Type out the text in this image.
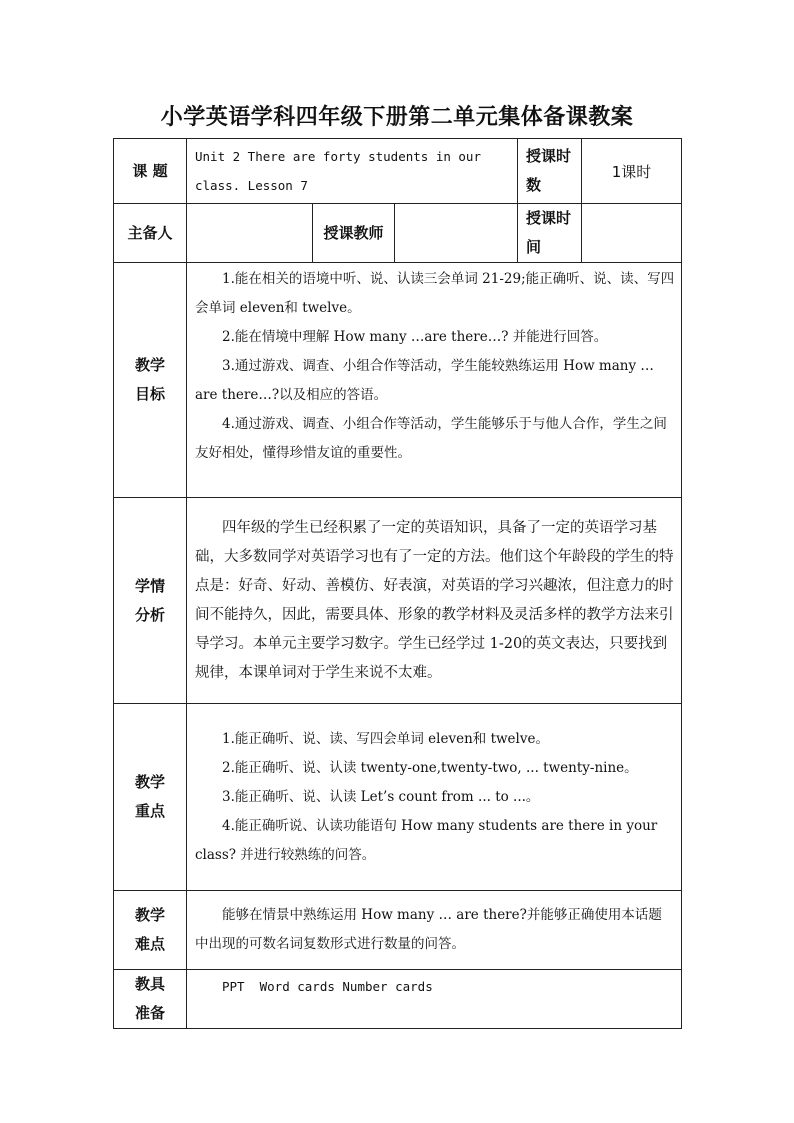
小学英语学科四年级下册第二单元集体备课教案
课 题	Unit 2 There are forty students in our class. Lesson 7			授课时数	1课时
主备人		授课教师		授课时间	
教学目标	1.能在相关的语境中听、说、认读三会单词 21-29;能正确听、说、读、写四会单词 eleven和 twelve。

2.能在情境中理解 How many …are there…? 并能进行回答。

3.通过游戏、调查、小组合作等活动，学生能较熟练运用 How many …are there…?以及相应的答语。

4.通过游戏、调查、小组合作等活动，学生能够乐于与他人合作，学生之间友好相处，懂得珍惜友谊的重要性。				

学情分析	四年级的学生已经积累了一定的英语知识，具备了一定的英语学习基础，大多数同学对英语学习也有了一定的方法。他们这个年龄段的学生的特点是：好奇、好动、善模仿、好表演，对英语的学习兴趣浓，但注意力的时间不能持久，因此，需要具体、形象的教学材料及灵活多样的教学方法来引导学习。本单元主要学习数字。学生已经学过 1-20的英文表达，只要找到规律，本课单词对于学生来说不太难。				

教学重点	1.能正确听、说、读、写四会单词 eleven和 twelve。

2.能正确听、说、认读 twenty-one,twenty-two, ... twenty-nine。

3.能正确听、说、认读 Let’s count from ... to ...。

4.能正确听说、认读功能语句 How many students are there in your class? 并进行较熟练的问答。				

教学难点	能够在情景中熟练运用 How many … are there?并能够正确使用本话题中出现的可数名词复数形式进行数量的问答。				

教具准备	PPT  Word cards Number cards				
